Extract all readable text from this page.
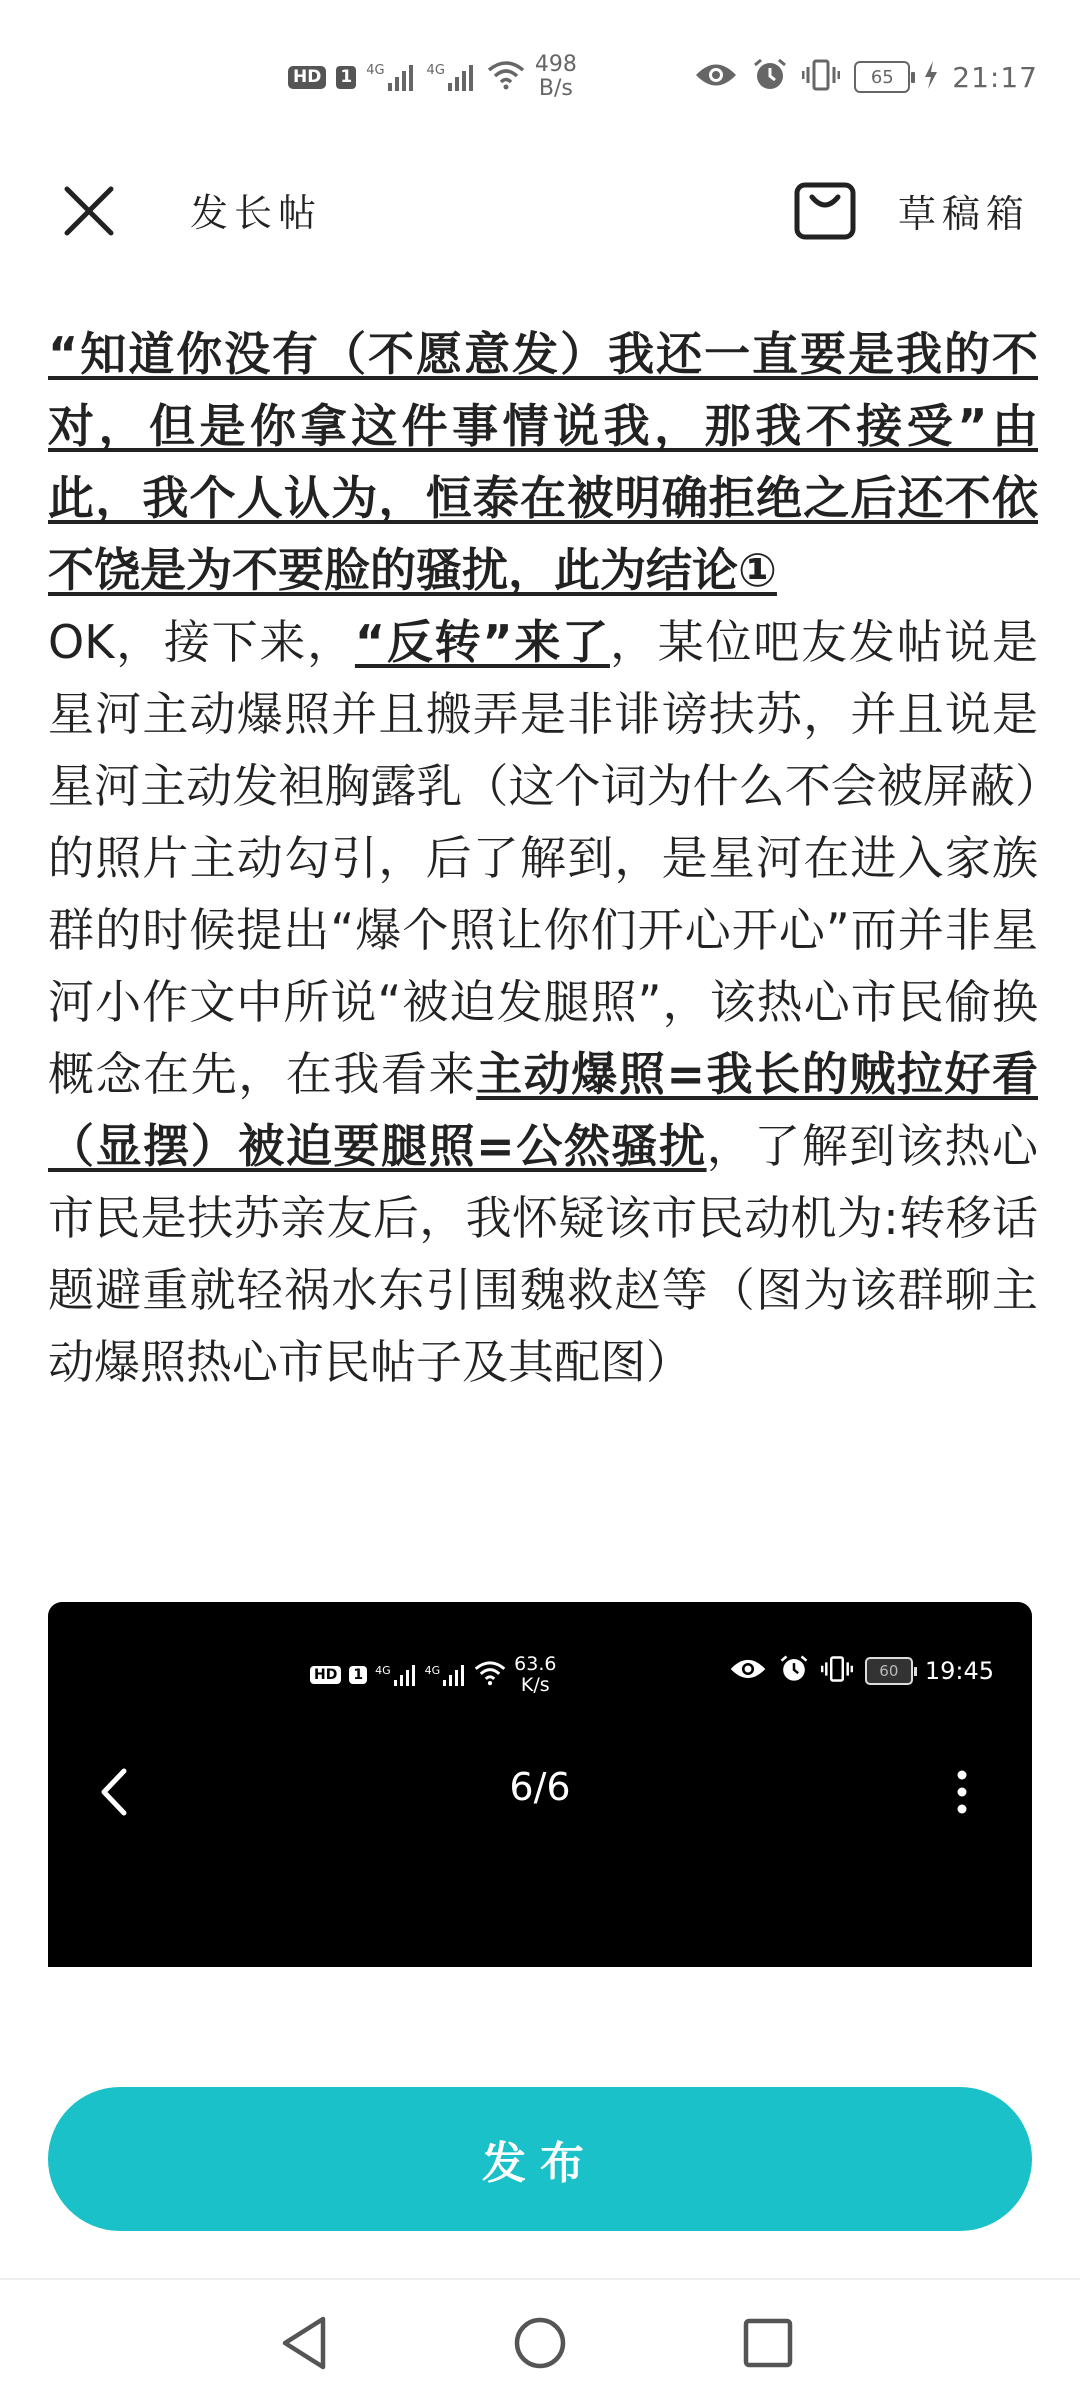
HD 1	4G	4G	498
B/s	65	21:17
发长帖	草稿箱
“知道你没有（不愿意发）我还一直要是我的不对，但是你拿这件事情说我，那我不接受”由此，我个人认为，恒泰在被明确拒绝之后还不依不饶是为不要脸的骚扰，此为结论①
OK，接下来，“反转”来了，某位吧友发帖说是星河主动爆照并且搬弄是非诽谤扶苏，并且说是星河主动发袒胸露乳（这个词为什么不会被屏蔽）的照片主动勾引，后了解到，是星河在进入家族群的时候提出“爆个照让你们开心开心”而并非星河小作文中所说“被迫发腿照”，该热心市民偷换概念在先，在我看来主动爆照=我长的贼拉好看（显摆）被迫要腿照=公然骚扰，了解到该热心市民是扶苏亲友后，我怀疑该市民动机为:转移话题避重就轻祸水东引围魏救赵等（图为该群聊主动爆照热心市民帖子及其配图）
HD 1	4G	4G	63.6
K/s
60	19:45
6/6
发布
